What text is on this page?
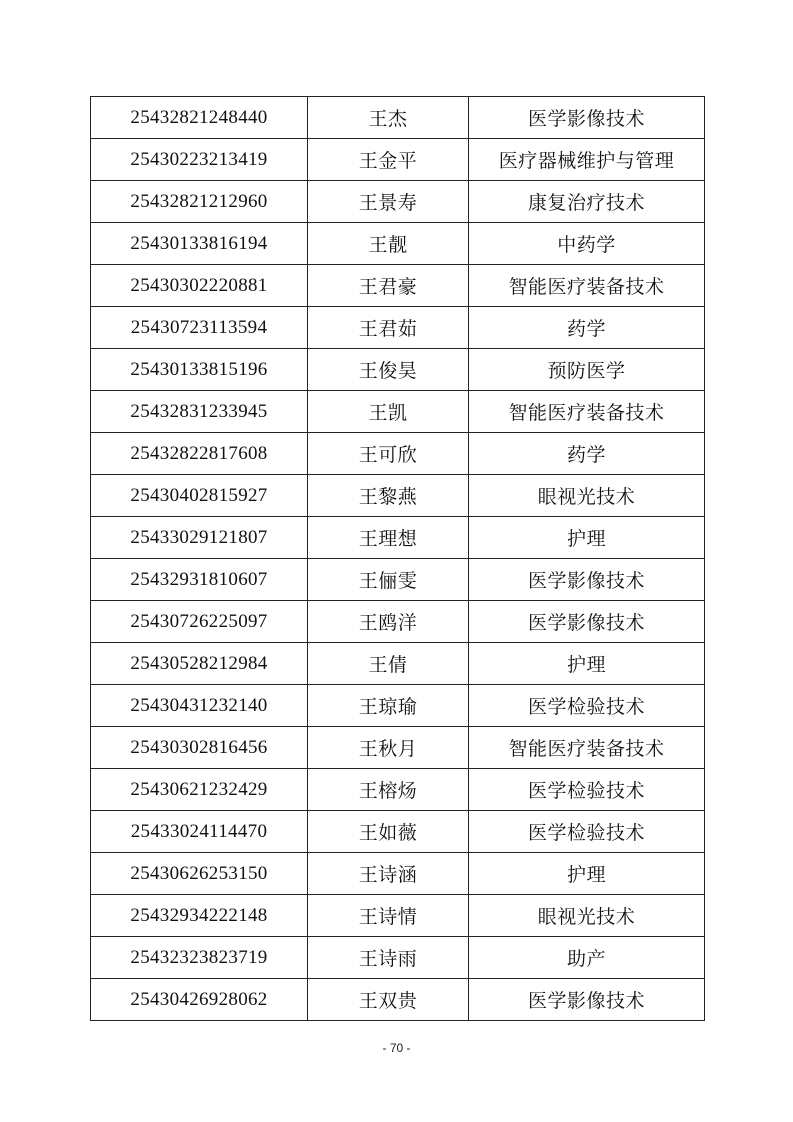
25432821248440	王杰	医学影像技术
25430223213419	王金平	医疗器械维护与管理
25432821212960	王景寿	康复治疗技术
25430133816194	王靓	中药学
25430302220881	王君豪	智能医疗装备技术
25430723113594	王君茹	药学
25430133815196	王俊昊	预防医学
25432831233945	王凯	智能医疗装备技术
25432822817608	王可欣	药学
25430402815927	王黎燕	眼视光技术
25433029121807	王理想	护理
25432931810607	王俪雯	医学影像技术
25430726225097	王鸥洋	医学影像技术
25430528212984	王倩	护理
25430431232140	王琼瑜	医学检验技术
25430302816456	王秋月	智能医疗装备技术
25430621232429	王榕炀	医学检验技术
25433024114470	王如薇	医学检验技术
25430626253150	王诗涵	护理
25432934222148	王诗情	眼视光技术
25432323823719	王诗雨	助产
25430426928062	王双贵	医学影像技术
- 70 -
